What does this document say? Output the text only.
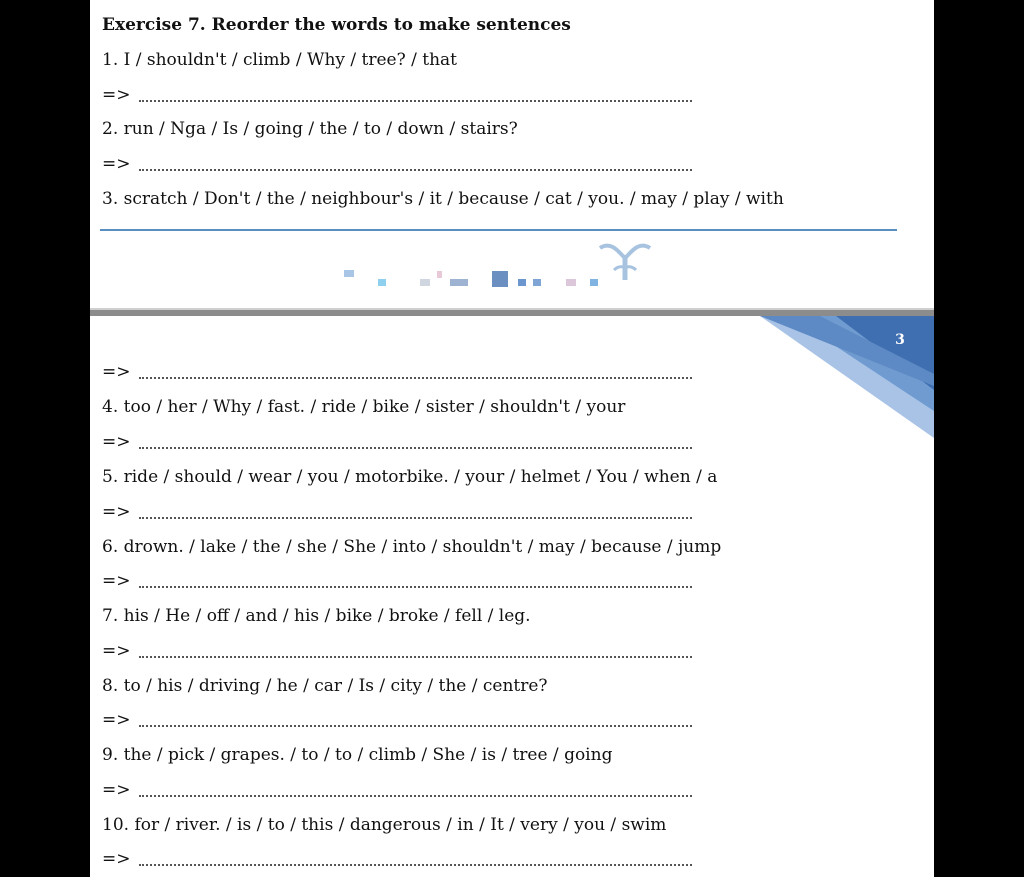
Exercise 7. Reorder the words to make sentences
1. I / shouldn't / climb / Why / tree? / that
=>
2. run / Nga / Is / going / the / to / down / stairs?
=>
3. scratch / Don't / the / neighbour's / it / because / cat / you. / may / play / with
3
=>
4. too / her / Why / fast. / ride / bike / sister / shouldn't / your
=>
5. ride / should / wear / you / motorbike. / your / helmet / You / when / a
=>
6. drown. / lake / the / she / She / into / shouldn't / may / because / jump
=>
7. his / He / off / and / his / bike / broke / fell / leg.
=>
8. to / his / driving / he / car / Is / city / the / centre?
=>
9. the / pick / grapes. / to / to / climb / She / is / tree / going
=>
10. for / river. / is / to / this / dangerous / in / It / very / you / swim
=>
